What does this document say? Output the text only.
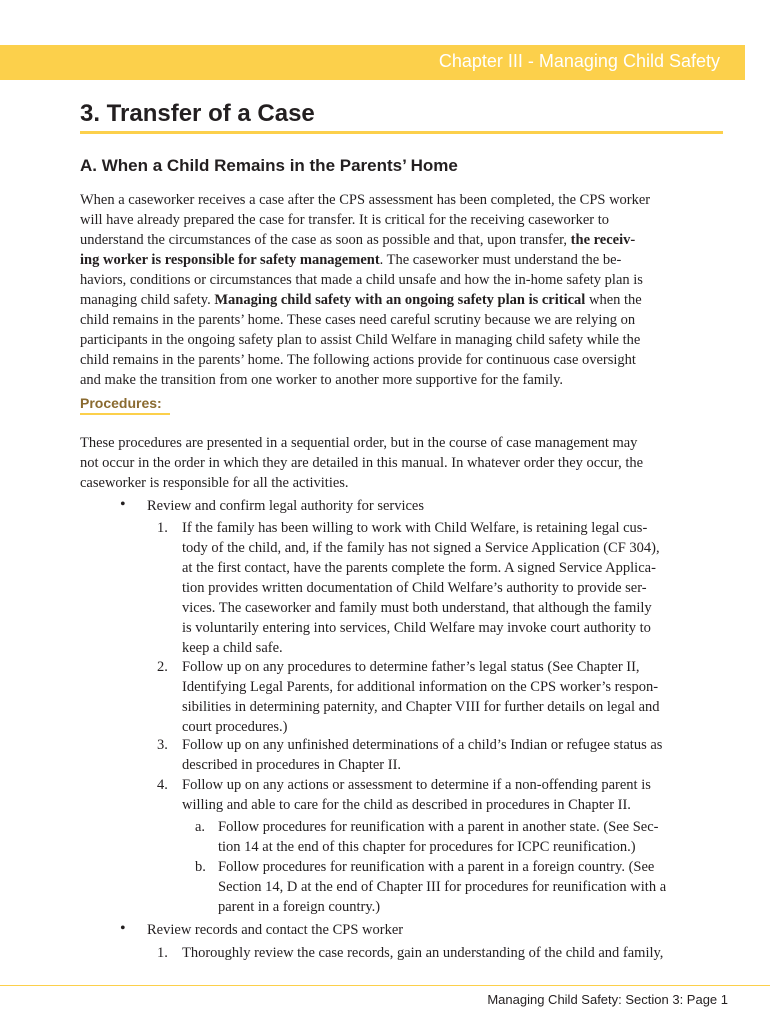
Chapter III - Managing Child Safety
3. Transfer of a Case
A. When a Child Remains in the Parents’ Home
When a caseworker receives a case after the CPS assessment has been completed, the CPS worker
will have already prepared the case for transfer. It is critical for the receiving caseworker to
understand the circumstances of the case as soon as possible and that, upon transfer, the receiv-
ing worker is responsible for safety management. The caseworker must understand the be-
haviors, conditions or circumstances that made a child unsafe and how the in-home safety plan is
managing child safety. Managing child safety with an ongoing safety plan is critical when the
child remains in the parents’ home. These cases need careful scrutiny because we are relying on
participants in the ongoing safety plan to assist Child Welfare in managing child safety while the
child remains in the parents’ home. The following actions provide for continuous case oversight
and make the transition from one worker to another more supportive for the family.
Procedures:
These procedures are presented in a sequential order, but in the course of case management may
not occur in the order in which they are detailed in this manual. In whatever order they occur, the
caseworker is responsible for all the activities.
• Review and confirm legal authority for services
1. If the family has been willing to work with Child Welfare, is retaining legal cus-
tody of the child, and, if the family has not signed a Service Application (CF 304),
at the first contact, have the parents complete the form. A signed Service Applica-
tion provides written documentation of Child Welfare’s authority to provide ser-
vices. The caseworker and family must both understand, that although the family
is voluntarily entering into services, Child Welfare may invoke court authority to
keep a child safe.
2. Follow up on any procedures to determine father’s legal status (See Chapter II,
Identifying Legal Parents, for additional information on the CPS worker’s respon-
sibilities in determining paternity, and Chapter VIII for further details on legal and
court procedures.)
3. Follow up on any unfinished determinations of a child’s Indian or refugee status as
described in procedures in Chapter II.
4. Follow up on any actions or assessment to determine if a non-offending parent is
willing and able to care for the child as described in procedures in Chapter II.
a. Follow procedures for reunification with a parent in another state. (See Sec-
tion 14 at the end of this chapter for procedures for ICPC reunification.)
b. Follow procedures for reunification with a parent in a foreign country. (See
Section 14, D at the end of Chapter III for procedures for reunification with a
parent in a foreign country.)
• Review records and contact the CPS worker
1. Thoroughly review the case records, gain an understanding of the child and family,
Managing Child Safety: Section 3: Page 1
